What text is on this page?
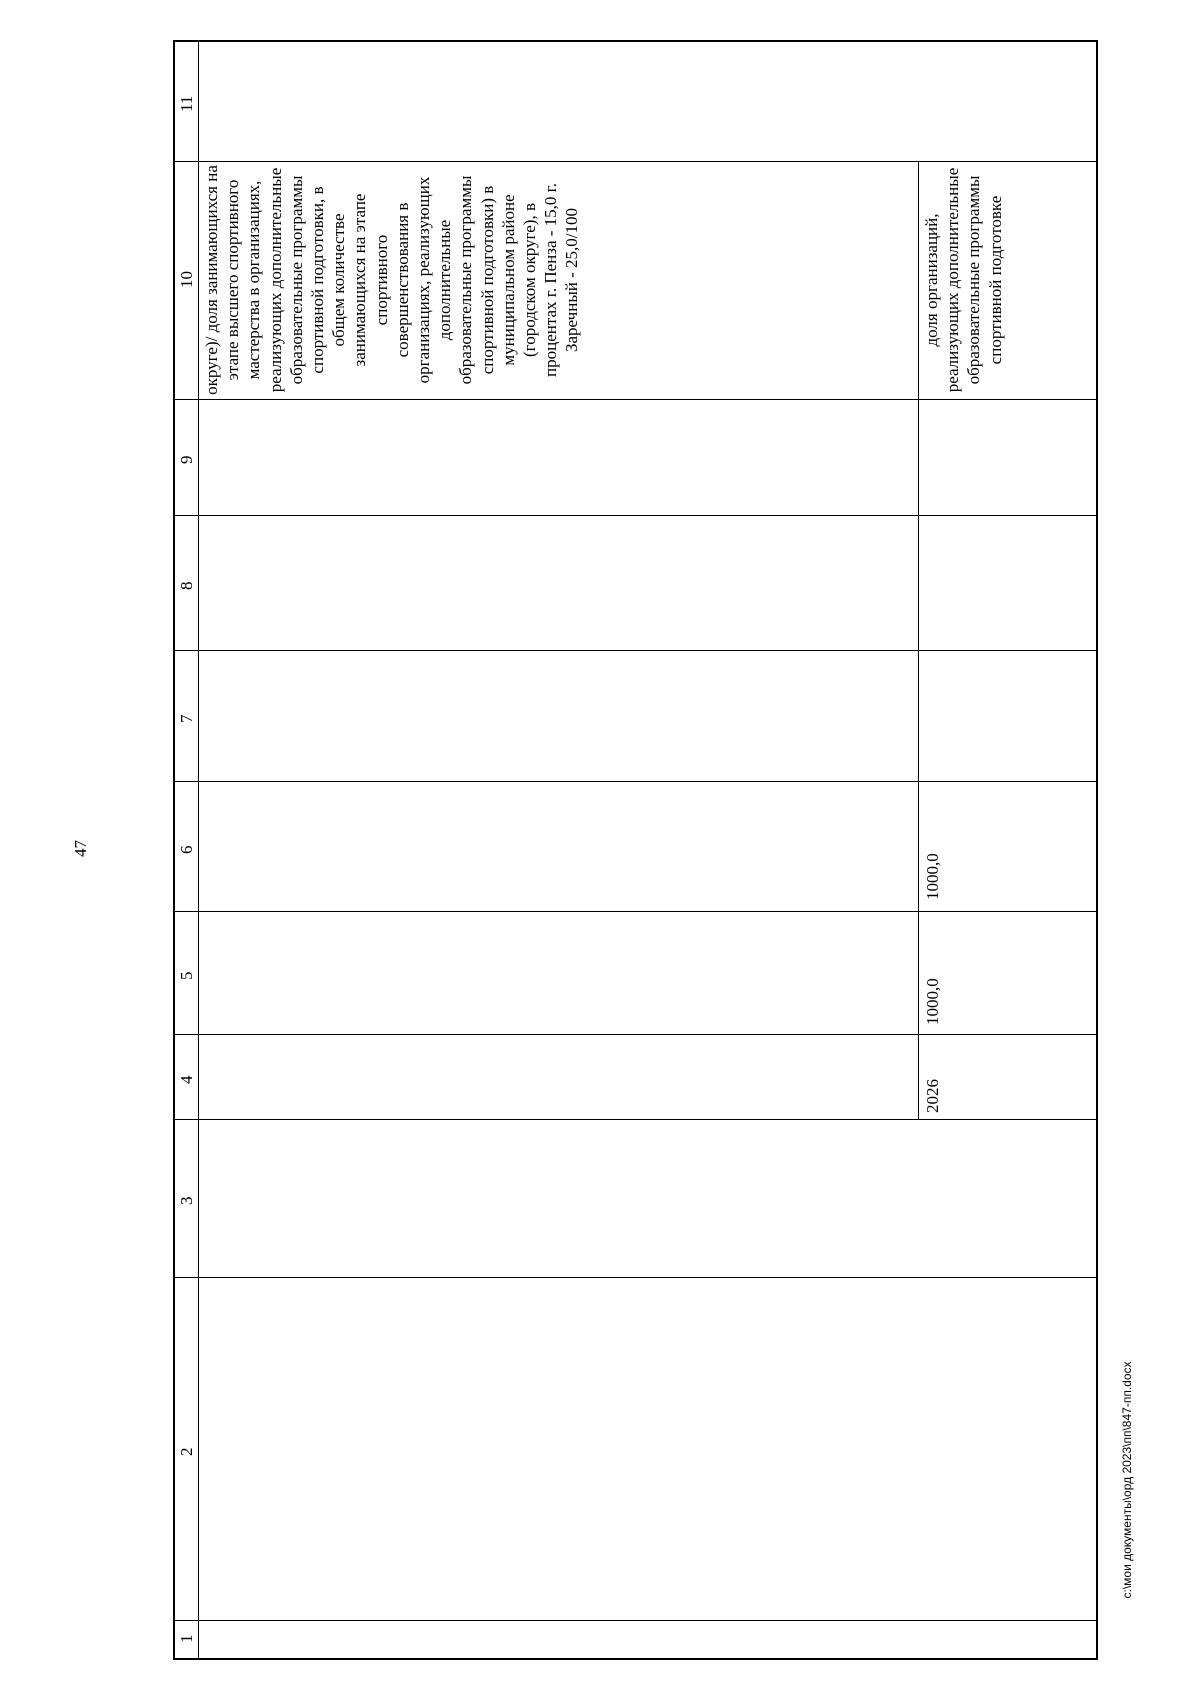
47
c:\мои документы\орд 2023\пп\847-пп.docx
1
2
3
4
5
6
7
8
9
10
11
округе)/ доля занимающихся на этапе высшего спортивного мастерства в организациях, реализующих дополнительные образовательные программы спортивной подготовки, в общем количестве занимающихся на этапе спортивного совершенствования в организациях, реализующих дополнительные образовательные программы спортивной подготовки) в муниципальном районе (городском округе), в процентах г. Пенза - 15,0 г. Заречный - 25,0/100
2026
1000,0
1000,0
доля организаций, реализующих дополнительные образовательные программы спортивной подготовке
